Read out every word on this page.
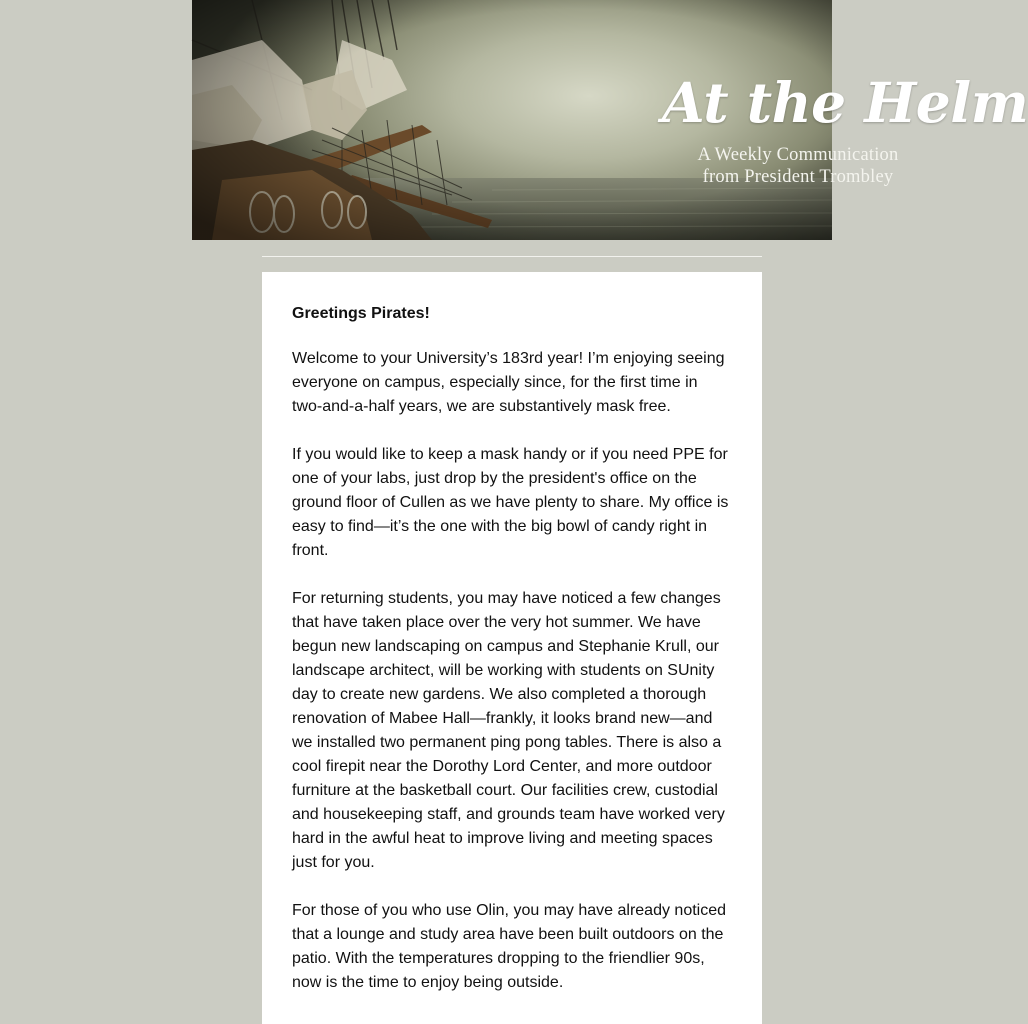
At the Helm
A Weekly Communication
from President Trombley
Greetings Pirates!

Welcome to your University’s 183rd year! I’m enjoying seeing everyone on campus, especially since, for the first time in two-and-a-half years, we are substantively mask free.

If you would like to keep a mask handy or if you need PPE for one of your labs, just drop by the president's office on the ground floor of Cullen as we have plenty to share. My office is easy to find—it’s the one with the big bowl of candy right in front.

For returning students, you may have noticed a few changes that have taken place over the very hot summer. We have begun new landscaping on campus and Stephanie Krull, our landscape architect, will be working with students on SUnity day to create new gardens. We also completed a thorough renovation of Mabee Hall—frankly, it looks brand new—and we installed two permanent ping pong tables. There is also a cool firepit near the Dorothy Lord Center, and more outdoor furniture at the basketball court. Our facilities crew, custodial and housekeeping staff, and grounds team have worked very hard in the awful heat to improve living and meeting spaces just for you.

For those of you who use Olin, you may have already noticed that a lounge and study area have been built outdoors on the patio. With the temperatures dropping to the friendlier 90s, now is the time to enjoy being outside.
